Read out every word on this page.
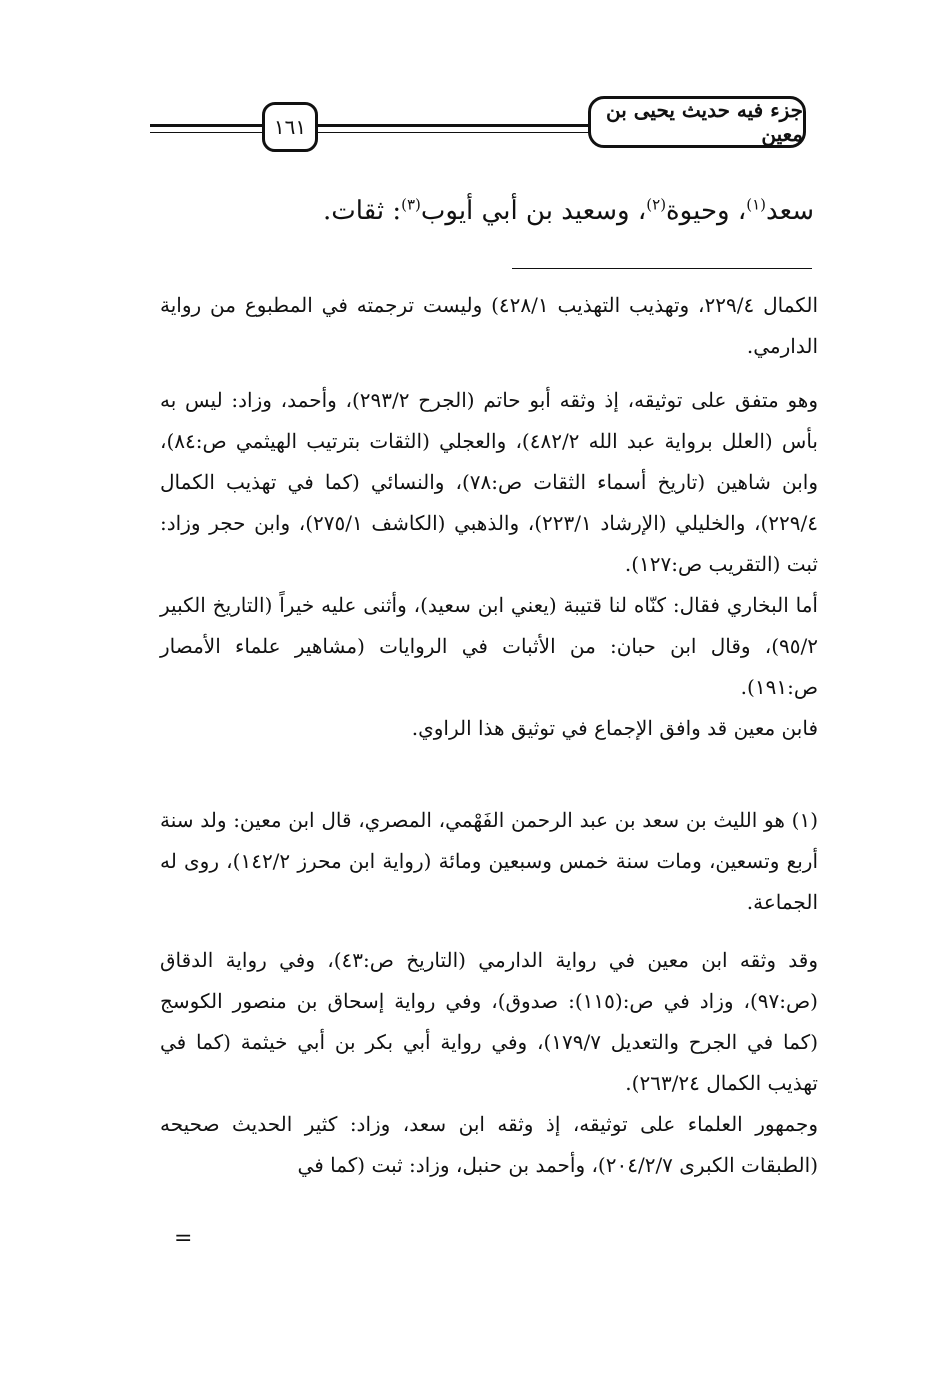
جزء فيه حديث يحيى بن معين
١٦١
سعد$^{(١)}$، وحيوة$^{(٢)}$، وسعيد بن أبي أيوب$^{(٣)}$: ثقات.

الكمال ٢٢٩/٤، وتهذيب التهذيب ٤٢٨/١) وليست ترجمته في المطبوع من رواية الدارمي.

وهو متفق على توثيقه، إذ وثقه أبو حاتم (الجرح ٢٩٣/٢)، وأحمد، وزاد: ليس به بأس (العلل برواية عبد الله ٤٨٢/٢)، والعجلي (الثقات بترتيب الهيثمي ص:٨٤)، وابن شاهين (تاريخ أسماء الثقات ص:٧٨)، والنسائي (كما في تهذيب الكمال ٢٢٩/٤)، والخليلي (الإرشاد ٢٢٣/١)، والذهبي (الكاشف ٢٧٥/١)، وابن حجر وزاد: ثبت (التقريب ص:١٢٧).

أما البخاري فقال: كنّاه لنا قتيبة (يعني ابن سعيد)، وأثنى عليه خيراً (التاريخ الكبير ٩٥/٢)، وقال ابن حبان: من الأثبات في الروايات (مشاهير علماء الأمصار ص:١٩١).

فابن معين قد وافق الإجماع في توثيق هذا الراوي.

(١) هو الليث بن سعد بن عبد الرحمن الفَهْمي، المصري، قال ابن معين: ولد سنة أربع وتسعين، ومات سنة خمس وسبعين ومائة (رواية ابن محرز ١٤٢/٢)، روى له الجماعة.

وقد وثقه ابن معين في رواية الدارمي (التاريخ ص:٤٣)، وفي رواية الدقاق (ص:٩٧)، وزاد في ص:(١١٥): صدوق)، وفي رواية إسحاق بن منصور الكوسج (كما في الجرح والتعديل ١٧٩/٧)، وفي رواية أبي بكر بن أبي خيثمة (كما في تهذيب الكمال ٢٦٣/٢٤).

وجمهور العلماء على توثيقه، إذ وثقه ابن سعد، وزاد: كثير الحديث صحيحه (الطبقات الكبرى ٢٠٤/٢/٧)، وأحمد بن حنبل، وزاد: ثبت (كما في

=
